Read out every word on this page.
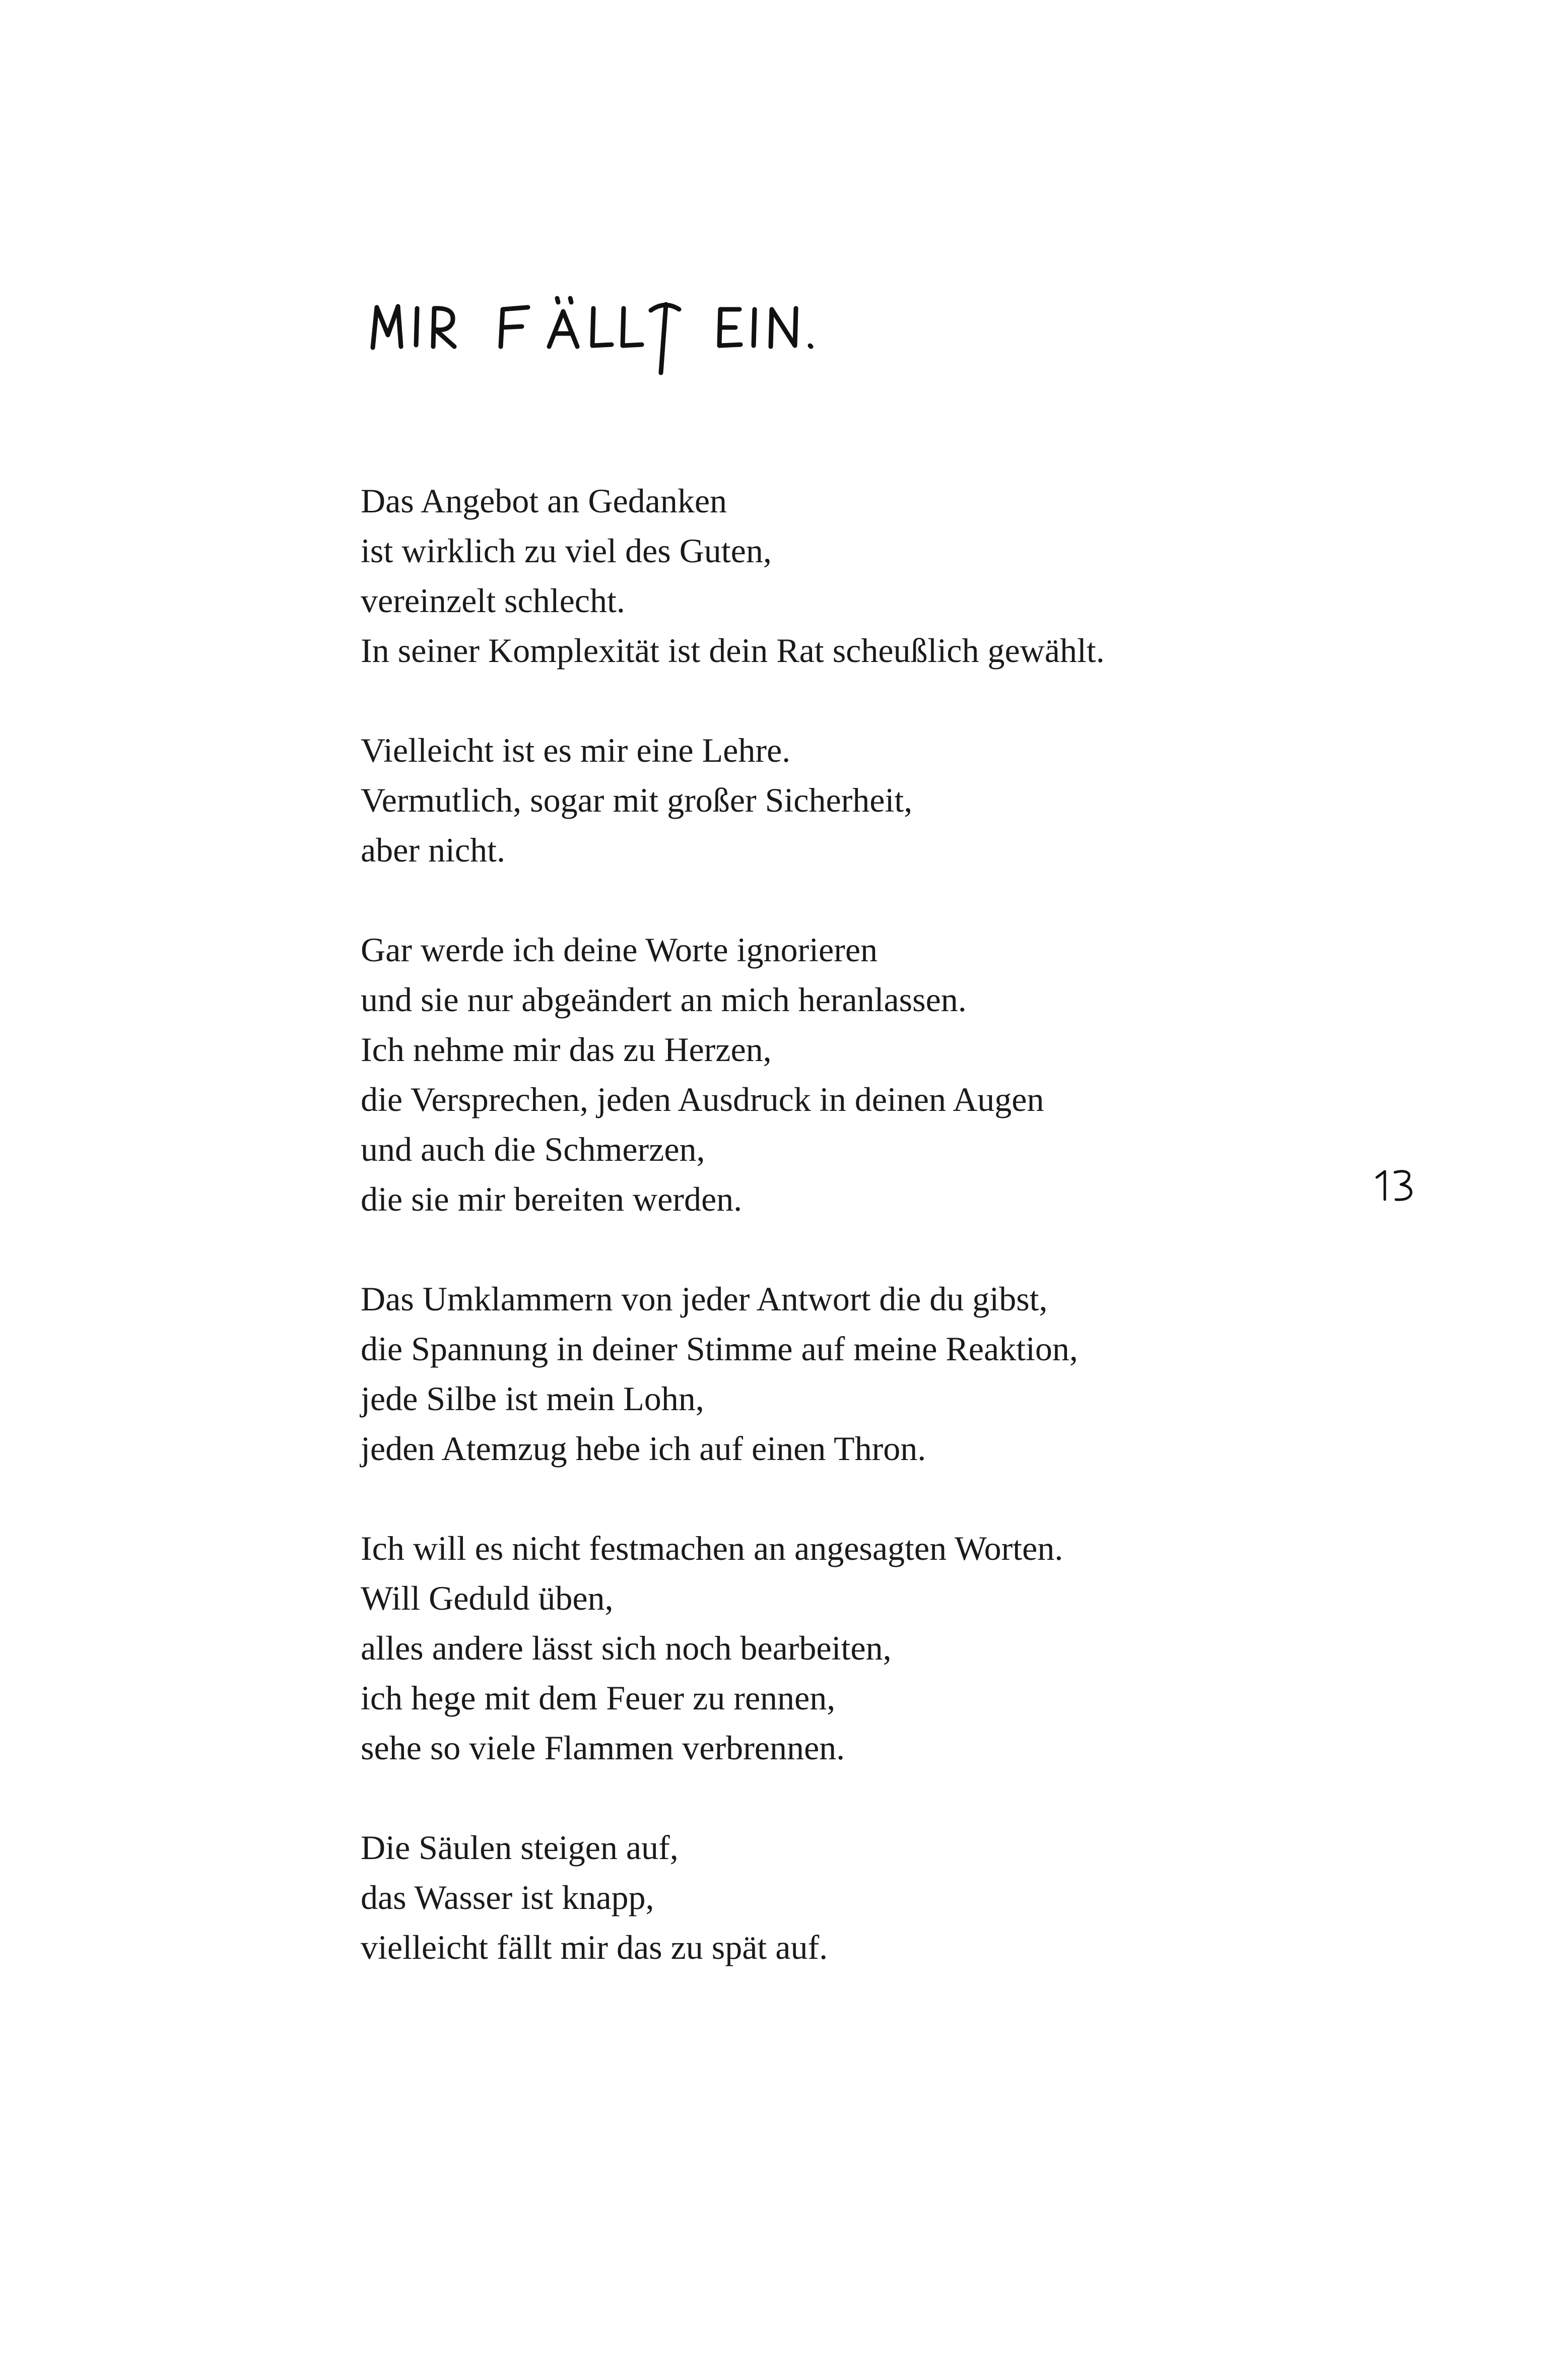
Das Angebot an Gedanken
ist wirklich zu viel des Guten,
vereinzelt schlecht.
In seiner Komplexität ist dein Rat scheußlich gewählt.
Vielleicht ist es mir eine Lehre.
Vermutlich, sogar mit großer Sicherheit,
aber nicht.
Gar werde ich deine Worte ignorieren
und sie nur abgeändert an mich heranlassen.
Ich nehme mir das zu Herzen,
die Versprechen, jeden Ausdruck in deinen Augen
und auch die Schmerzen,
die sie mir bereiten werden.
Das Umklammern von jeder Antwort die du gibst,
die Spannung in deiner Stimme auf meine Reaktion,
jede Silbe ist mein Lohn,
jeden Atemzug hebe ich auf einen Thron.
Ich will es nicht festmachen an angesagten Worten.
Will Geduld üben,
alles andere lässt sich noch bearbeiten,
ich hege mit dem Feuer zu rennen,
sehe so viele Flammen verbrennen.
Die Säulen steigen auf,
das Wasser ist knapp,
vielleicht fällt mir das zu spät auf.
